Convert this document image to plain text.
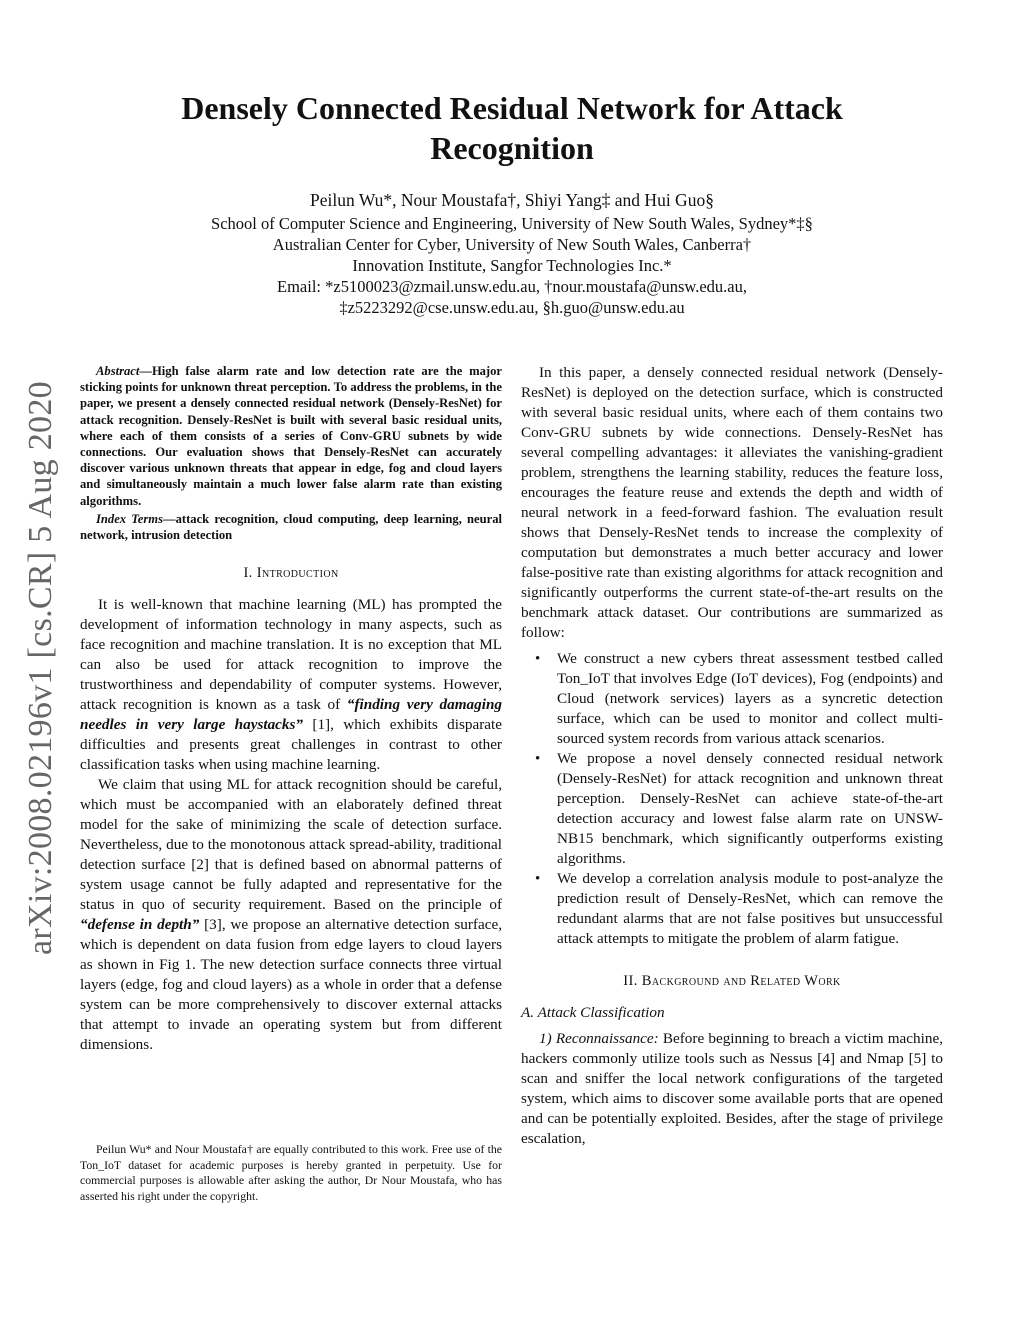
Densely Connected Residual Network for Attack Recognition
Peilun Wu*, Nour Moustafa†, Shiyi Yang‡ and Hui Guo§
School of Computer Science and Engineering, University of New South Wales, Sydney*‡§
Australian Center for Cyber, University of New South Wales, Canberra†
Innovation Institute, Sangfor Technologies Inc.*
Email: *z5100023@zmail.unsw.edu.au, †nour.moustafa@unsw.edu.au,
‡z5223292@cse.unsw.edu.au, §h.guo@unsw.edu.au
arXiv:2008.02196v1 [cs.CR] 5 Aug 2020

Abstract—High false alarm rate and low detection rate are the major sticking points for unknown threat perception. To address the problems, in the paper, we present a densely connected residual network (Densely-ResNet) for attack recognition. Densely-ResNet is built with several basic residual units, where each of them consists of a series of Conv-GRU subnets by wide connections. Our evaluation shows that Densely-ResNet can accurately discover various unknown threats that appear in edge, fog and cloud layers and simultaneously maintain a much lower false alarm rate than existing algorithms.

Index Terms—attack recognition, cloud computing, deep learning, neural network, intrusion detection

I. Introduction

It is well-known that machine learning (ML) has prompted the development of information technology in many aspects, such as face recognition and machine translation. It is no exception that ML can also be used for attack recognition to improve the trustworthiness and dependability of computer systems. However, attack recognition is known as a task of “finding very damaging needles in very large haystacks” [1], which exhibits disparate difficulties and presents great challenges in contrast to other classification tasks when using machine learning.

We claim that using ML for attack recognition should be careful, which must be accompanied with an elaborately defined threat model for the sake of minimizing the scale of detection surface. Nevertheless, due to the monotonous attack spread-ability, traditional detection surface [2] that is defined based on abnormal patterns of system usage cannot be fully adapted and representative for the status in quo of security requirement. Based on the principle of “defense in depth” [3], we propose an alternative detection surface, which is dependent on data fusion from edge layers to cloud layers as shown in Fig 1. The new detection surface connects three virtual layers (edge, fog and cloud layers) as a whole in order that a defense system can be more comprehensively to discover external attacks that attempt to invade an operating system but from different dimensions.

Peilun Wu* and Nour Moustafa† are equally contributed to this work. Free use of the Ton_IoT dataset for academic purposes is hereby granted in perpetuity. Use for commercial purposes is allowable after asking the author, Dr Nour Moustafa, who has asserted his right under the copyright.

In this paper, a densely connected residual network (Densely-ResNet) is deployed on the detection surface, which is constructed with several basic residual units, where each of them contains two Conv-GRU subnets by wide connections. Densely-ResNet has several compelling advantages: it alleviates the vanishing-gradient problem, strengthens the learning stability, reduces the feature loss, encourages the feature reuse and extends the depth and width of neural network in a feed-forward fashion. The evaluation result shows that Densely-ResNet tends to increase the complexity of computation but demonstrates a much better accuracy and lower false-positive rate than existing algorithms for attack recognition and significantly outperforms the current state-of-the-art results on the benchmark attack dataset. Our contributions are summarized as follow:

• We construct a new cybers threat assessment testbed called Ton_IoT that involves Edge (IoT devices), Fog (endpoints) and Cloud (network services) layers as a syncretic detection surface, which can be used to monitor and collect multi-sourced system records from various attack scenarios.
• We propose a novel densely connected residual network (Densely-ResNet) for attack recognition and unknown threat perception. Densely-ResNet can achieve state-of-the-art detection accuracy and lowest false alarm rate on UNSW-NB15 benchmark, which significantly outperforms existing algorithms.
• We develop a correlation analysis module to post-analyze the prediction result of Densely-ResNet, which can remove the redundant alarms that are not false positives but unsuccessful attack attempts to mitigate the problem of alarm fatigue.
II. Background and Related Work
A. Attack Classification

1) Reconnaissance: Before beginning to breach a victim machine, hackers commonly utilize tools such as Nessus [4] and Nmap [5] to scan and sniffer the local network configurations of the targeted system, which aims to discover some available ports that are opened and can be potentially exploited. Besides, after the stage of privilege escalation,
